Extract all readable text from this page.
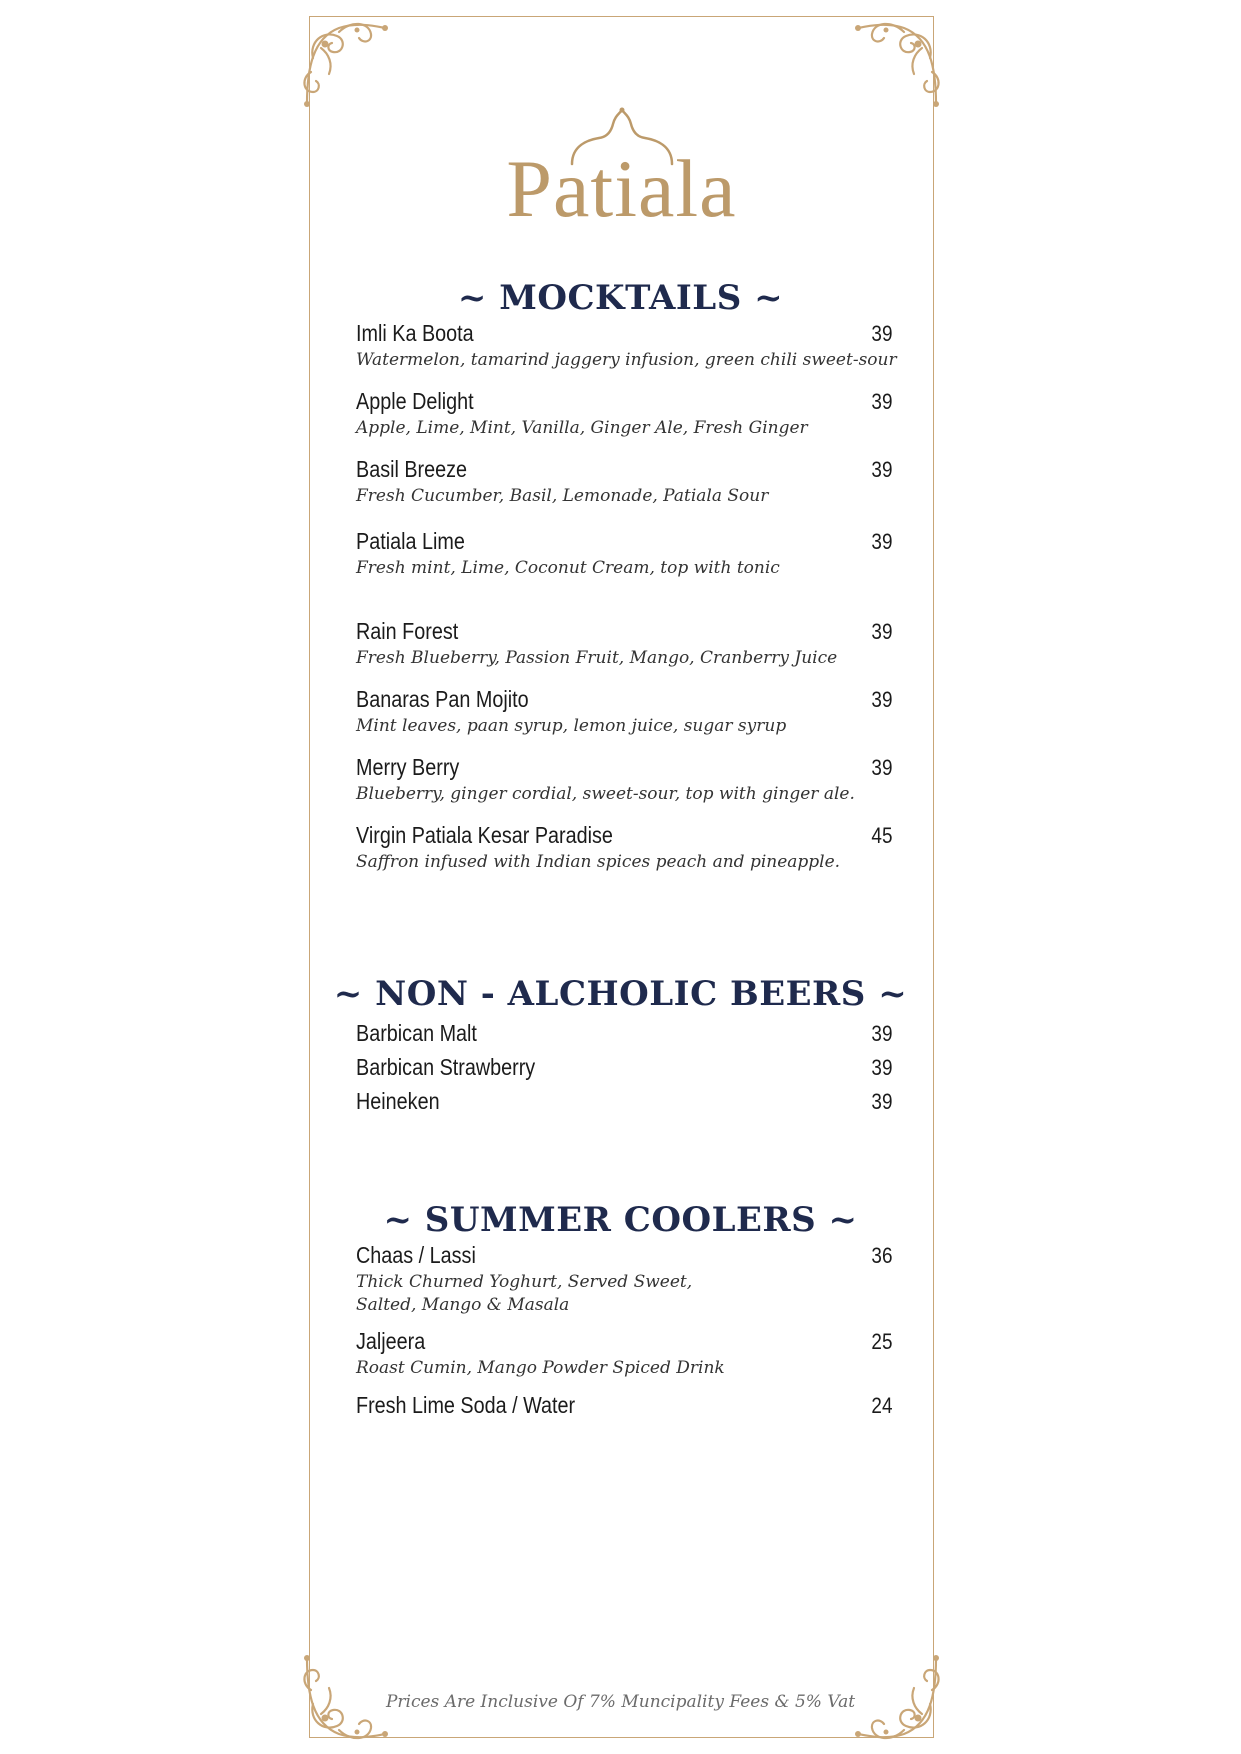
Patiala
~ MOCKTAILS ~
Imli Ka Boota	39
Watermelon, tamarind jaggery infusion, green chili sweet-sour
Apple Delight	39
Apple, Lime, Mint, Vanilla, Ginger Ale, Fresh Ginger
Basil Breeze	39
Fresh Cucumber, Basil, Lemonade, Patiala Sour
Patiala Lime	39
Fresh mint, Lime, Coconut Cream, top with tonic
Rain Forest	39
Fresh Blueberry, Passion Fruit, Mango, Cranberry Juice
Banaras Pan Mojito	39
Mint leaves, paan syrup, lemon juice, sugar syrup
Merry Berry	39
Blueberry, ginger cordial, sweet-sour, top with ginger ale.
Virgin Patiala Kesar Paradise	45
Saffron infused with Indian spices peach and pineapple.
~ NON - ALCHOLIC BEERS ~
Barbican Malt	39
Barbican Strawberry	39
Heineken	39
~ SUMMER COOLERS ~
Chaas / Lassi	36
Thick Churned Yoghurt, Served Sweet,
Salted, Mango & Masala
Jaljeera	25
Roast Cumin, Mango Powder Spiced Drink
Fresh Lime Soda / Water	24
Prices Are Inclusive Of 7% Muncipality Fees & 5% Vat
